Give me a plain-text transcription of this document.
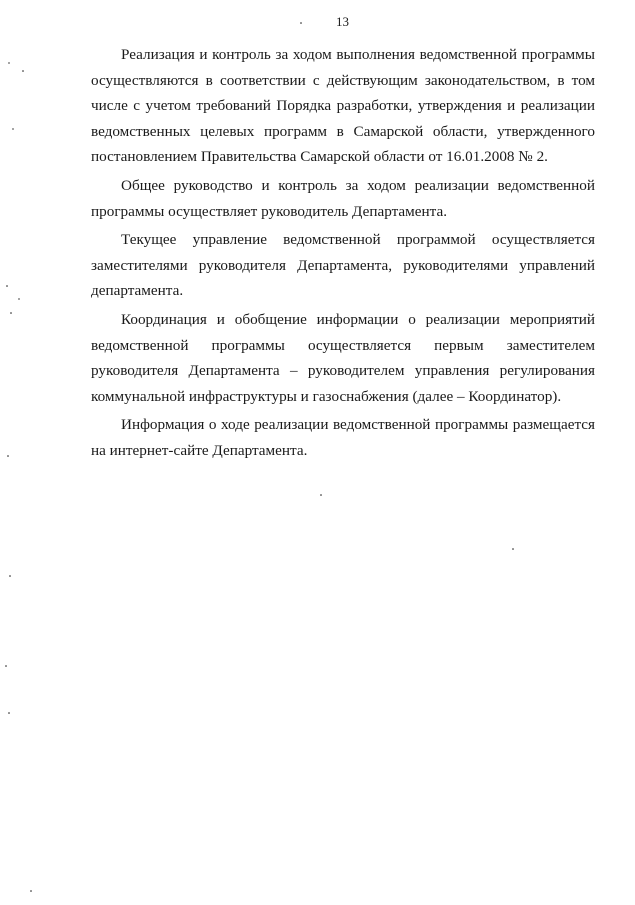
13

Реализация и контроль за ходом выполнения ведомственной программы осуществляются в соответствии с действующим законодательством, в том числе с учетом требований Порядка разработки, утверждения и реализации ведомственных целевых программ в Самарской области, утвержденного постановлением Правительства Самарской области от 16.01.2008 № 2.

Общее руководство и контроль за ходом реализации ведомственной программы осуществляет руководитель Департамента.

Текущее управление ведомственной программой осуществляется заместителями руководителя Департамента, руководителями управлений департамента.

Координация и обобщение информации о реализации мероприятий ведомственной программы осуществляется первым заместителем руководителя Департамента – руководителем управления регулирования коммунальной инфраструктуры и газоснабжения (далее – Координатор).

Информация о ходе реализации ведомственной программы размещается на интернет-сайте Департамента.
